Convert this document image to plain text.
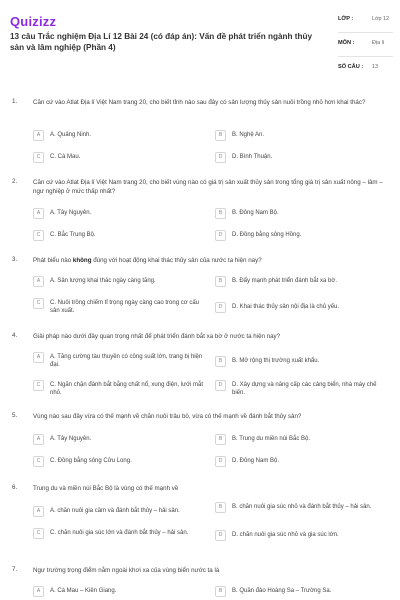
Quizizz
13 câu Trắc nghiệm Địa Lí 12 Bài 24 (có đáp án): Vấn đề phát triển ngành thủy sản và lâm nghiệp (Phần 4)
LỚP :	Lớp 12
MÔN :	Địa lí
SỐ CÂU : 13
1.	Căn cứ vào Atlat Địa lí Việt Nam trang 20, cho biết tỉnh nào sau đây có sản lượng thủy sản nuôi trồng nhỏ hơn khai thác?
A	A. Quảng Ninh.	B	B. Nghệ An.
C	C. Cà Mau.	D	D. Bình Thuận.
2.	Căn cứ vào Atlat Địa lí Việt Nam trang 20, cho biết vùng nào có giá trị sản xuất thủy sản trong tổng giá trị sản xuất nông – lâm – ngư nghiệp ở mức thấp nhất?
A	A. Tây Nguyên.	B	B. Đông Nam Bộ.
C	C. Bắc Trung Bộ.	D	D. Đồng bằng sông Hồng.
3.	Phát biểu nào không đúng với hoạt động khai thác thủy sản của nước ta hiện nay?
A	A. Sản lượng khai thác ngày càng tăng.	B	B. Đẩy mạnh phát triển đánh bắt xa bờ.
C	C. Nuôi trồng chiếm tỉ trọng ngày càng cao trong cơ cấu sản xuất.
D	D. Khai thác thủy sản nội địa là chủ yếu.
4.	Giải pháp nào dưới đây quan trọng nhất để phát triển đánh bắt xa bờ ở nước ta hiện nay?
A	A. Tăng cường tàu thuyền có công suất lớn, trang bị hiện đại.
B	B. Mở rộng thị trường xuất khẩu.
C	C. Ngăn chặn đánh bắt bằng chất nổ, xung điện, lưới mắt nhỏ.
D	D. Xây dựng và nâng cấp các cảng biển, nhà máy chế biến.
5.	Vùng nào sau đây vừa có thế mạnh về chăn nuôi trâu bò, vừa có thế mạnh về đánh bắt thủy sản?
A	A. Tây Nguyên.	B	B. Trung du miền núi Bắc Bộ.
C	C. Đồng bằng sông Cửu Long.	D	D. Đông Nam Bộ.
6.	Trung du và miền núi Bắc Bộ là vùng có thế mạnh về
A	A. chăn nuôi gia cầm và đánh bắt thủy – hải sản.
B	B. chăn nuôi gia súc nhỏ và đánh bắt thủy – hải sản.
C	C. chăn nuôi gia súc lớn và đánh bắt thủy – hải sản.	D	D. chăn nuôi gia súc nhỏ và gia súc lớn.
7.	Ngư trường trọng điểm nằm ngoài khơi xa của vùng biển nước ta là
A	A. Cà Mau – Kiên Giang.	B	B. Quần đảo Hoàng Sa – Trường Sa.
